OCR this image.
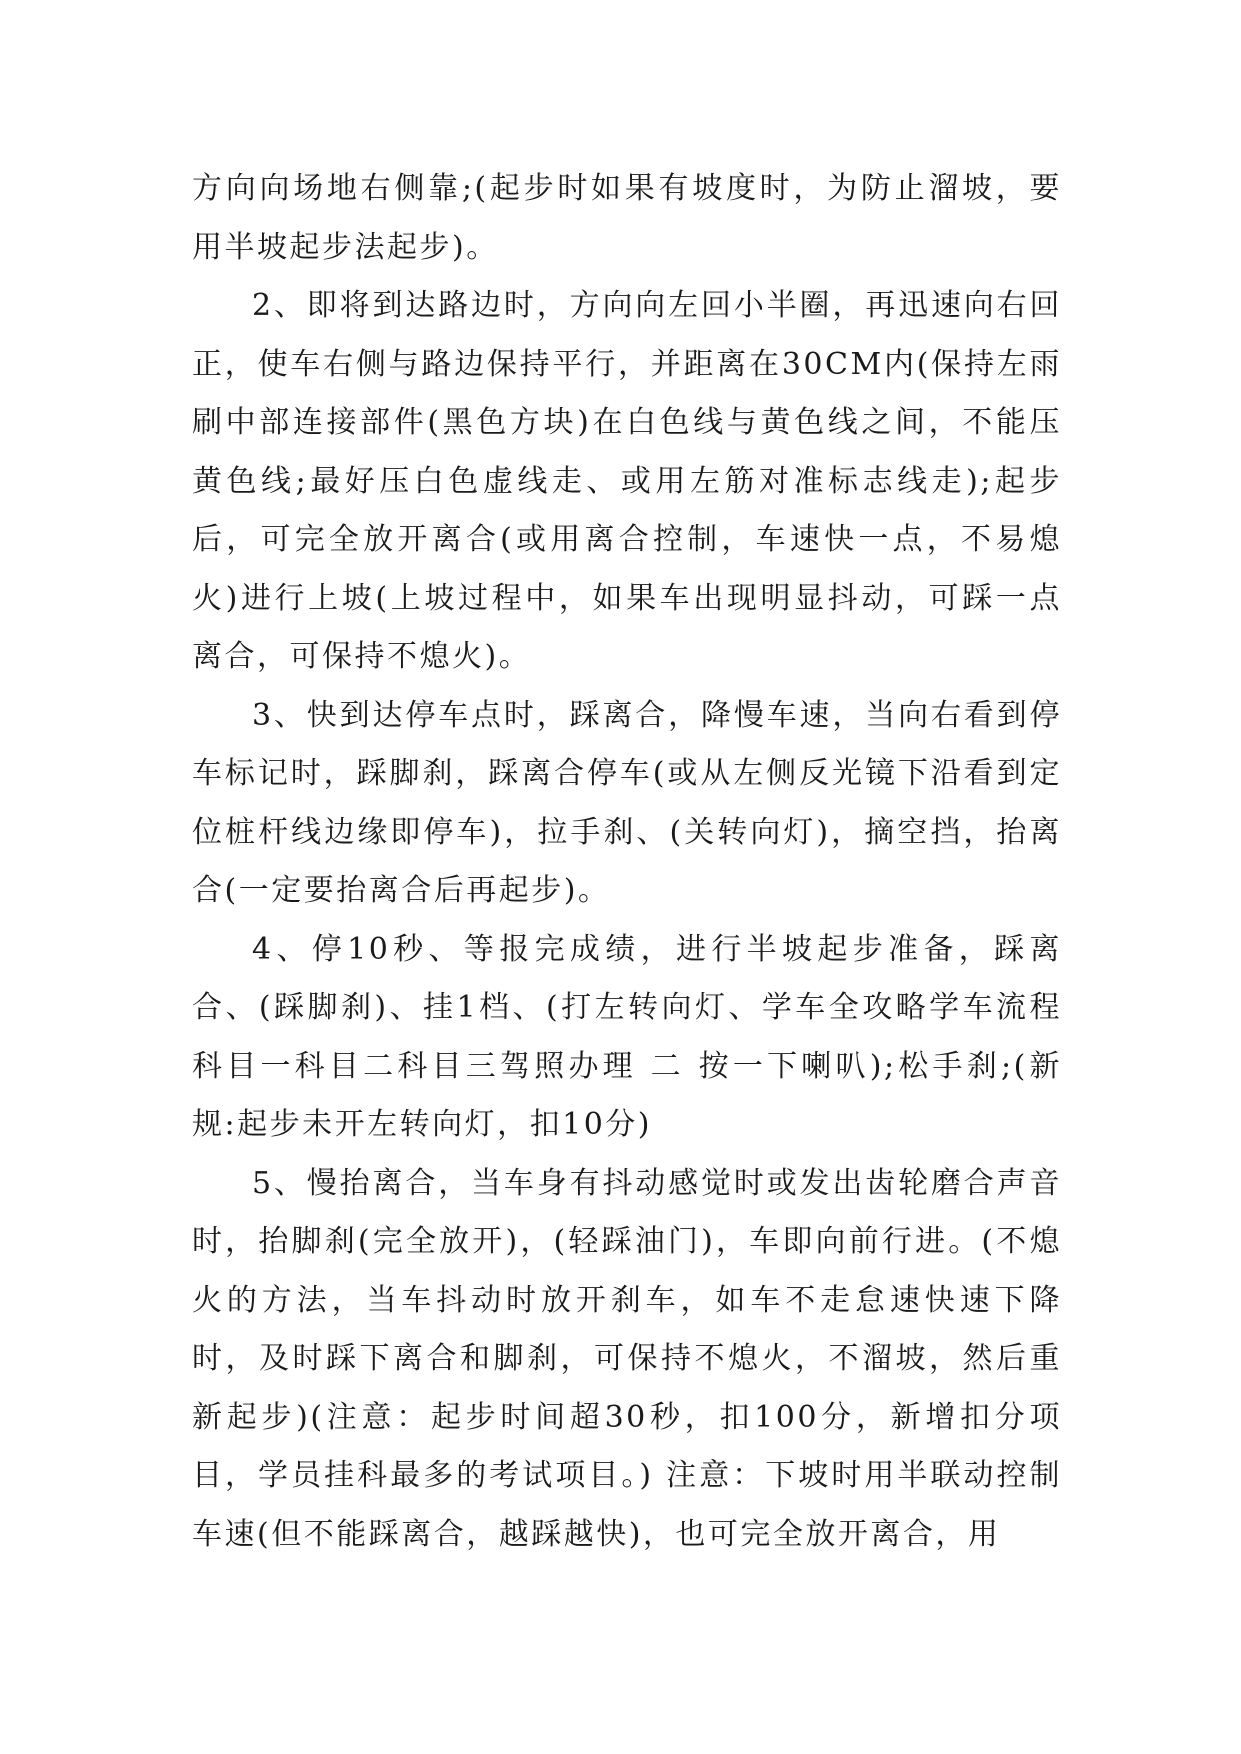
方向向场地右侧靠;(起步时如果有坡度时，为防止溜坡，要用半坡起步法起步)。

2、即将到达路边时，方向向左回小半圈，再迅速向右回正，使车右侧与路边保持平行，并距离在30CM内(保持左雨刷中部连接部件(黑色方块)在白色线与黄色线之间，不能压黄色线;最好压白色虚线走、或用左筋对准标志线走);起步后，可完全放开离合(或用离合控制，车速快一点，不易熄火)进行上坡(上坡过程中，如果车出现明显抖动，可踩一点离合，可保持不熄火)。

3、快到达停车点时，踩离合，降慢车速，当向右看到停车标记时，踩脚刹，踩离合停车(或从左侧反光镜下沿看到定位桩杆线边缘即停车)，拉手刹、(关转向灯)，摘空挡，抬离合(一定要抬离合后再起步)。

4、停10秒、等报完成绩，进行半坡起步准备，踩离合、(踩脚刹)、挂1档、(打左转向灯、学车全攻略学车流程科目一科目二科目三驾照办理 二 按一下喇叭);松手刹;(新规:起步未开左转向灯，扣10分)

5、慢抬离合，当车身有抖动感觉时或发出齿轮磨合声音时，抬脚刹(完全放开)，(轻踩油门)，车即向前行进。(不熄火的方法，当车抖动时放开刹车，如车不走怠速快速下降时，及时踩下离合和脚刹，可保持不熄火，不溜坡，然后重新起步)(注意：起步时间超30秒，扣100分，新增扣分项目，学员挂科最多的考试项目。) 注意：下坡时用半联动控制车速(但不能踩离合，越踩越快)，也可完全放开离合，用
